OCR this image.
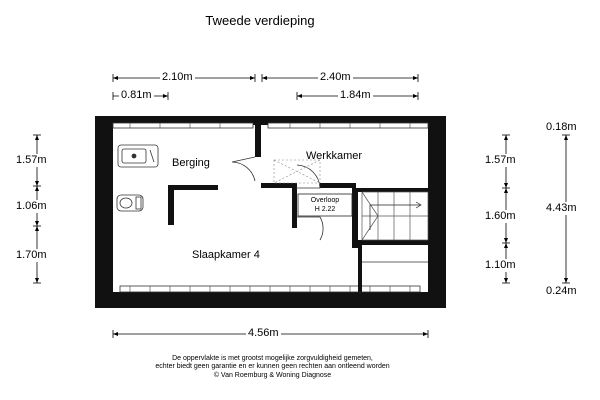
Tweede verdieping
2.10m	2.40m
0.81m	1.84m
4.56m
1.57m
1.06m
1.70m
1.57m
1.60m
1.10m
0.18m
4.43m
0.24m
Berging
Werkkamer
Slaapkamer 4
Overloop
H 2.22
De oppervlakte is met grootst mogelijke zorgvuldigheid gemeten,
echter biedt geen garantie en er kunnen geen rechten aan ontleend worden
© Van Roemburg & Woning Diagnose
